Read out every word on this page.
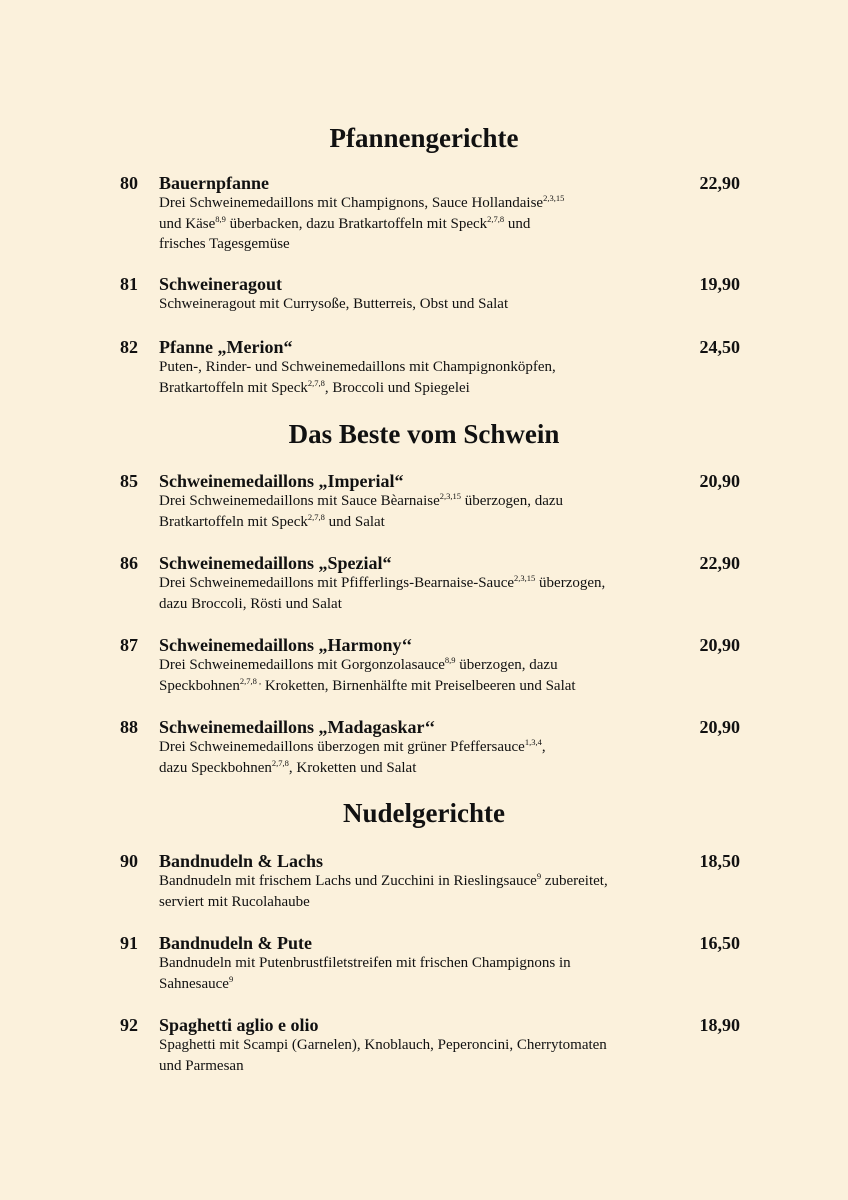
Pfannengerichte
80	Bauernpfanne	22,90
Drei Schweinemedaillons mit Champignons, Sauce Hollandaise$^{2,3,15}$
und Käse$^{8,9}$ überbacken, dazu Bratkartoffeln mit Speck$^{2,7,8}$ und
frisches Tagesgemüse
81	Schweineragout	19,90
Schweineragout mit Currysoße, Butterreis, Obst und Salat
82	Pfanne „Merion“	24,50
Puten-, Rinder- und Schweinemedaillons mit Champignonköpfen,
Bratkartoffeln mit Speck$^{2,7,8}$, Broccoli und Spiegelei
Das Beste vom Schwein
85	Schweinemedaillons „Imperial“	20,90
Drei Schweinemedaillons mit Sauce Bèarnaise$^{2,3,15}$ überzogen, dazu
Bratkartoffeln mit Speck$^{2,7,8}$ und Salat
86	Schweinemedaillons „Spezial“	22,90
Drei Schweinemedaillons mit Pfifferlings-Bearnaise-Sauce$^{2,3,15}$ überzogen,
dazu Broccoli, Rösti und Salat
87	Schweinemedaillons „Harmony‘‘	20,90
Drei Schweinemedaillons mit Gorgonzolasauce$^{8,9}$ überzogen, dazu
Speckbohnen$^{2,7,8 ,}$ Kroketten, Birnenhälfte mit Preiselbeeren und Salat
88	Schweinemedaillons „Madagaskar‘‘	20,90
Drei Schweinemedaillons überzogen mit grüner Pfeffersauce$^{1,3,4}$,
dazu Speckbohnen$^{2,7,8}$, Kroketten und Salat
Nudelgerichte
90	Bandnudeln & Lachs	18,50
Bandnudeln mit frischem Lachs und Zucchini in Rieslingsauce$^9$ zubereitet,
serviert mit Rucolahaube
91	Bandnudeln & Pute	16,50
Bandnudeln mit Putenbrustfiletstreifen mit frischen Champignons in
Sahnesauce$^9$
92	Spaghetti aglio e olio	18,90
Spaghetti mit Scampi (Garnelen), Knoblauch, Peperoncini, Cherrytomaten
und Parmesan
